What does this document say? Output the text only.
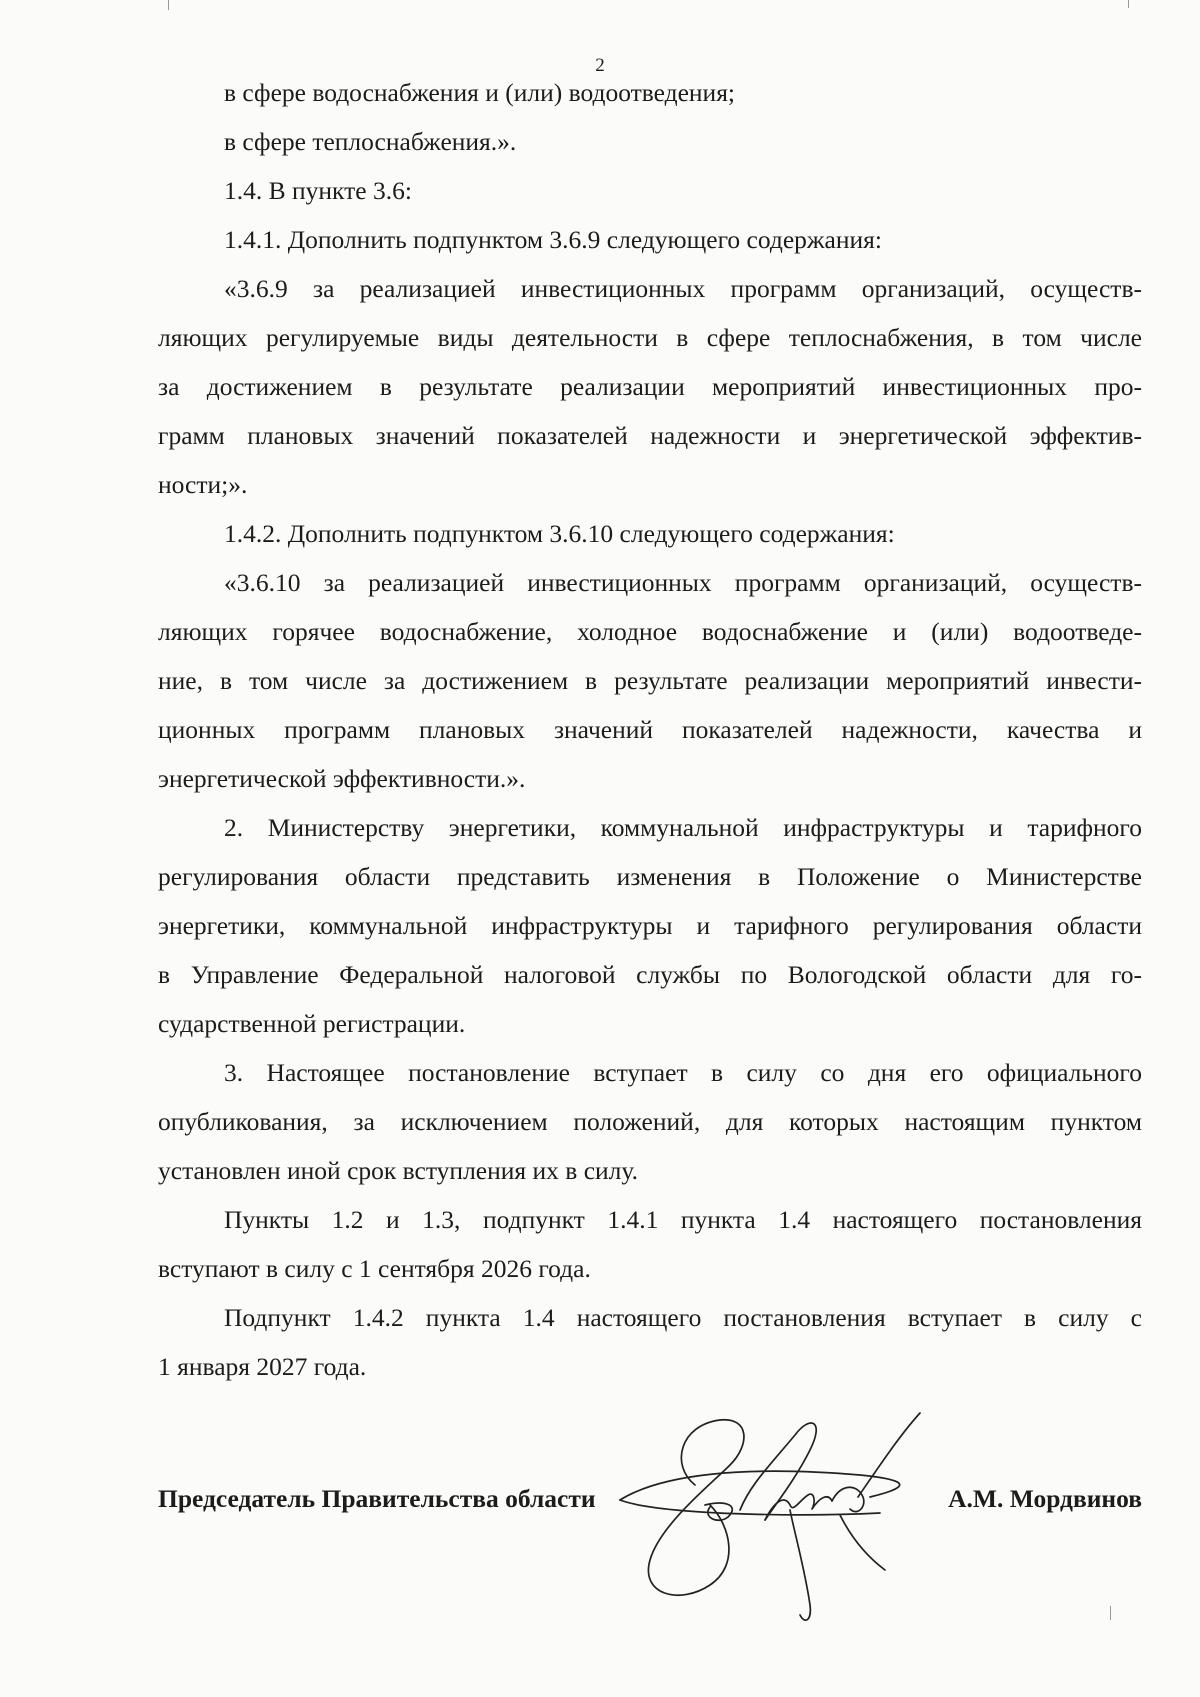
2
в сфере водоснабжения и (или) водоотведения;
в сфере теплоснабжения.».
1.4. В пункте 3.6:
1.4.1. Дополнить подпунктом 3.6.9 следующего содержания:
«3.6.9 за реализацией инвестиционных программ организаций, осуществ-
ляющих регулируемые виды деятельности в сфере теплоснабжения, в том числе
за достижением в результате реализации мероприятий инвестиционных про-
грамм плановых значений показателей надежности и энергетической эффектив-
ности;».
1.4.2. Дополнить подпунктом 3.6.10 следующего содержания:
«3.6.10 за реализацией инвестиционных программ организаций, осуществ-
ляющих горячее водоснабжение, холодное водоснабжение и (или) водоотведе-
ние, в том числе за достижением в результате реализации мероприятий инвести-
ционных программ плановых значений показателей надежности, качества и
энергетической эффективности.».
2. Министерству энергетики, коммунальной инфраструктуры и тарифного
регулирования области представить изменения в Положение о Министерстве
энергетики, коммунальной инфраструктуры и тарифного регулирования области
в Управление Федеральной налоговой службы по Вологодской области для го-
сударственной регистрации.
3. Настоящее постановление вступает в силу со дня его официального
опубликования, за исключением положений, для которых настоящим пунктом
установлен иной срок вступления их в силу.
Пункты 1.2 и 1.3, подпункт 1.4.1 пункта 1.4 настоящего постановления
вступают в силу с 1 сентября 2026 года.
Подпункт 1.4.2 пункта 1.4 настоящего постановления вступает в силу с
1 января 2027 года.
Председатель Правительства области	А.М. Мордвинов
